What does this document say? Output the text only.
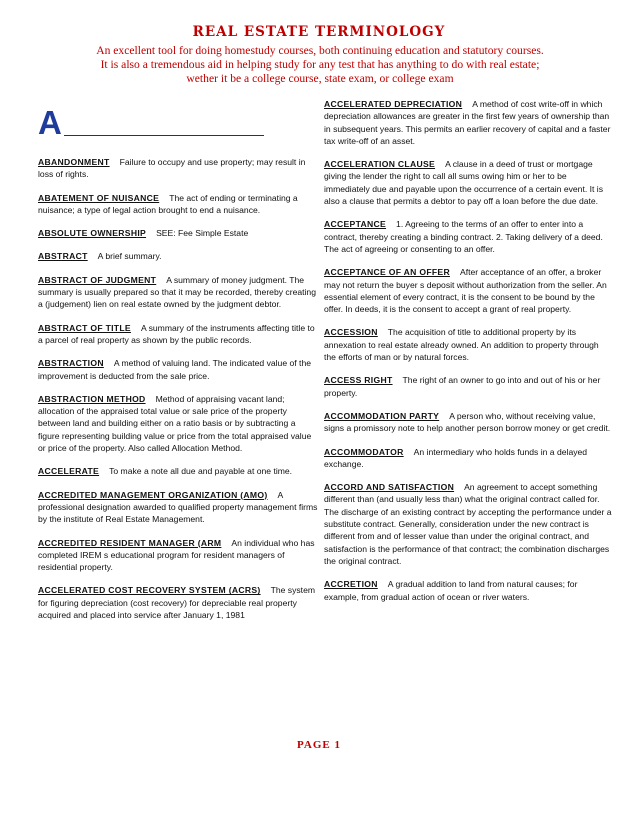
REAL ESTATE TERMINOLOGY
An excellent tool for doing homestudy courses, both continuing education and statutory courses.
It is also a tremendous aid in helping study for any test that has anything to do with real estate;
wether it be a college course, state exam, or college exam
A
ABANDONMENT Failure to occupy and use property; may result in loss of rights.
ABATEMENT OF NUISANCE The act of ending or terminating a nuisance; a type of legal action brought to end a nuisance.
ABSOLUTE OWNERSHIP SEE: Fee Simple Estate
ABSTRACT A brief summary.
ABSTRACT OF JUDGMENT A summary of money judgment. The summary is usually prepared so that it may be recorded, thereby creating a (judgement) lien on real estate owned by the judgment debtor.
ABSTRACT OF TITLE A summary of the instruments affecting title to a parcel of real property as shown by the public records.
ABSTRACTION A method of valuing land. The indicated value of the improvement is deducted from the sale price.
ABSTRACTION METHOD Method of appraising vacant land; allocation of the appraised total value or sale price of the property between land and building either on a ratio basis or by subtracting a figure representing building value or price from the total appraised value or price of the property. Also called Allocation Method.
ACCELERATE To make a note all due and payable at one time.
ACCREDITED MANAGEMENT ORGANIZATION (AMO) A professional designation awarded to qualified property management firms by the institute of Real Estate Management.
ACCREDITED RESIDENT MANAGER (ARM An individual who has completed IREM s educational program for resident managers of residential property.
ACCELERATED COST RECOVERY SYSTEM (ACRS) The system for figuring depreciation (cost recovery) for depreciable real property acquired and placed into service after January 1, 1981
ACCELERATED DEPRECIATION A method of cost write-off in which depreciation allowances are greater in the first few years of ownership than in subsequent years. This permits an earlier recovery of capital and a faster tax write-off of an asset.
ACCELERATION CLAUSE A clause in a deed of trust or mortgage giving the lender the right to call all sums owing him or her to be immediately due and payable upon the occurrence of a certain event. It is also a clause that permits a debtor to pay off a loan before the due date.
ACCEPTANCE 1. Agreeing to the terms of an offer to enter into a contract, thereby creating a binding contract. 2. Taking delivery of a deed. The act of agreeing or consenting to an offer.
ACCEPTANCE OF AN OFFER After acceptance of an offer, a broker may not return the buyer s deposit without authorization from the seller. An essential element of every contract, it is the consent to be bound by the offer. In deeds, it is the consent to accept a grant of real property.
ACCESSION The acquisition of title to additional property by its annexation to real estate already owned. An addition to property through the efforts of man or by natural forces.
ACCESS RIGHT The right of an owner to go into and out of his or her property.
ACCOMMODATION PARTY A person who, without receiving value, signs a promissory note to help another person borrow money or get credit.
ACCOMMODATOR An intermediary who holds funds in a delayed exchange.
ACCORD AND SATISFACTION An agreement to accept something different than (and usually less than) what the original contract called for. The discharge of an existing contract by accepting the performance under a substitute contract. Generally, consideration under the new contract is different from and of lesser value than under the original contract, and satisfaction is the performance of that contract; the combination discharges the original contract.
ACCRETION A gradual addition to land from natural causes; for example, from gradual action of ocean or river waters.
PAGE 1
